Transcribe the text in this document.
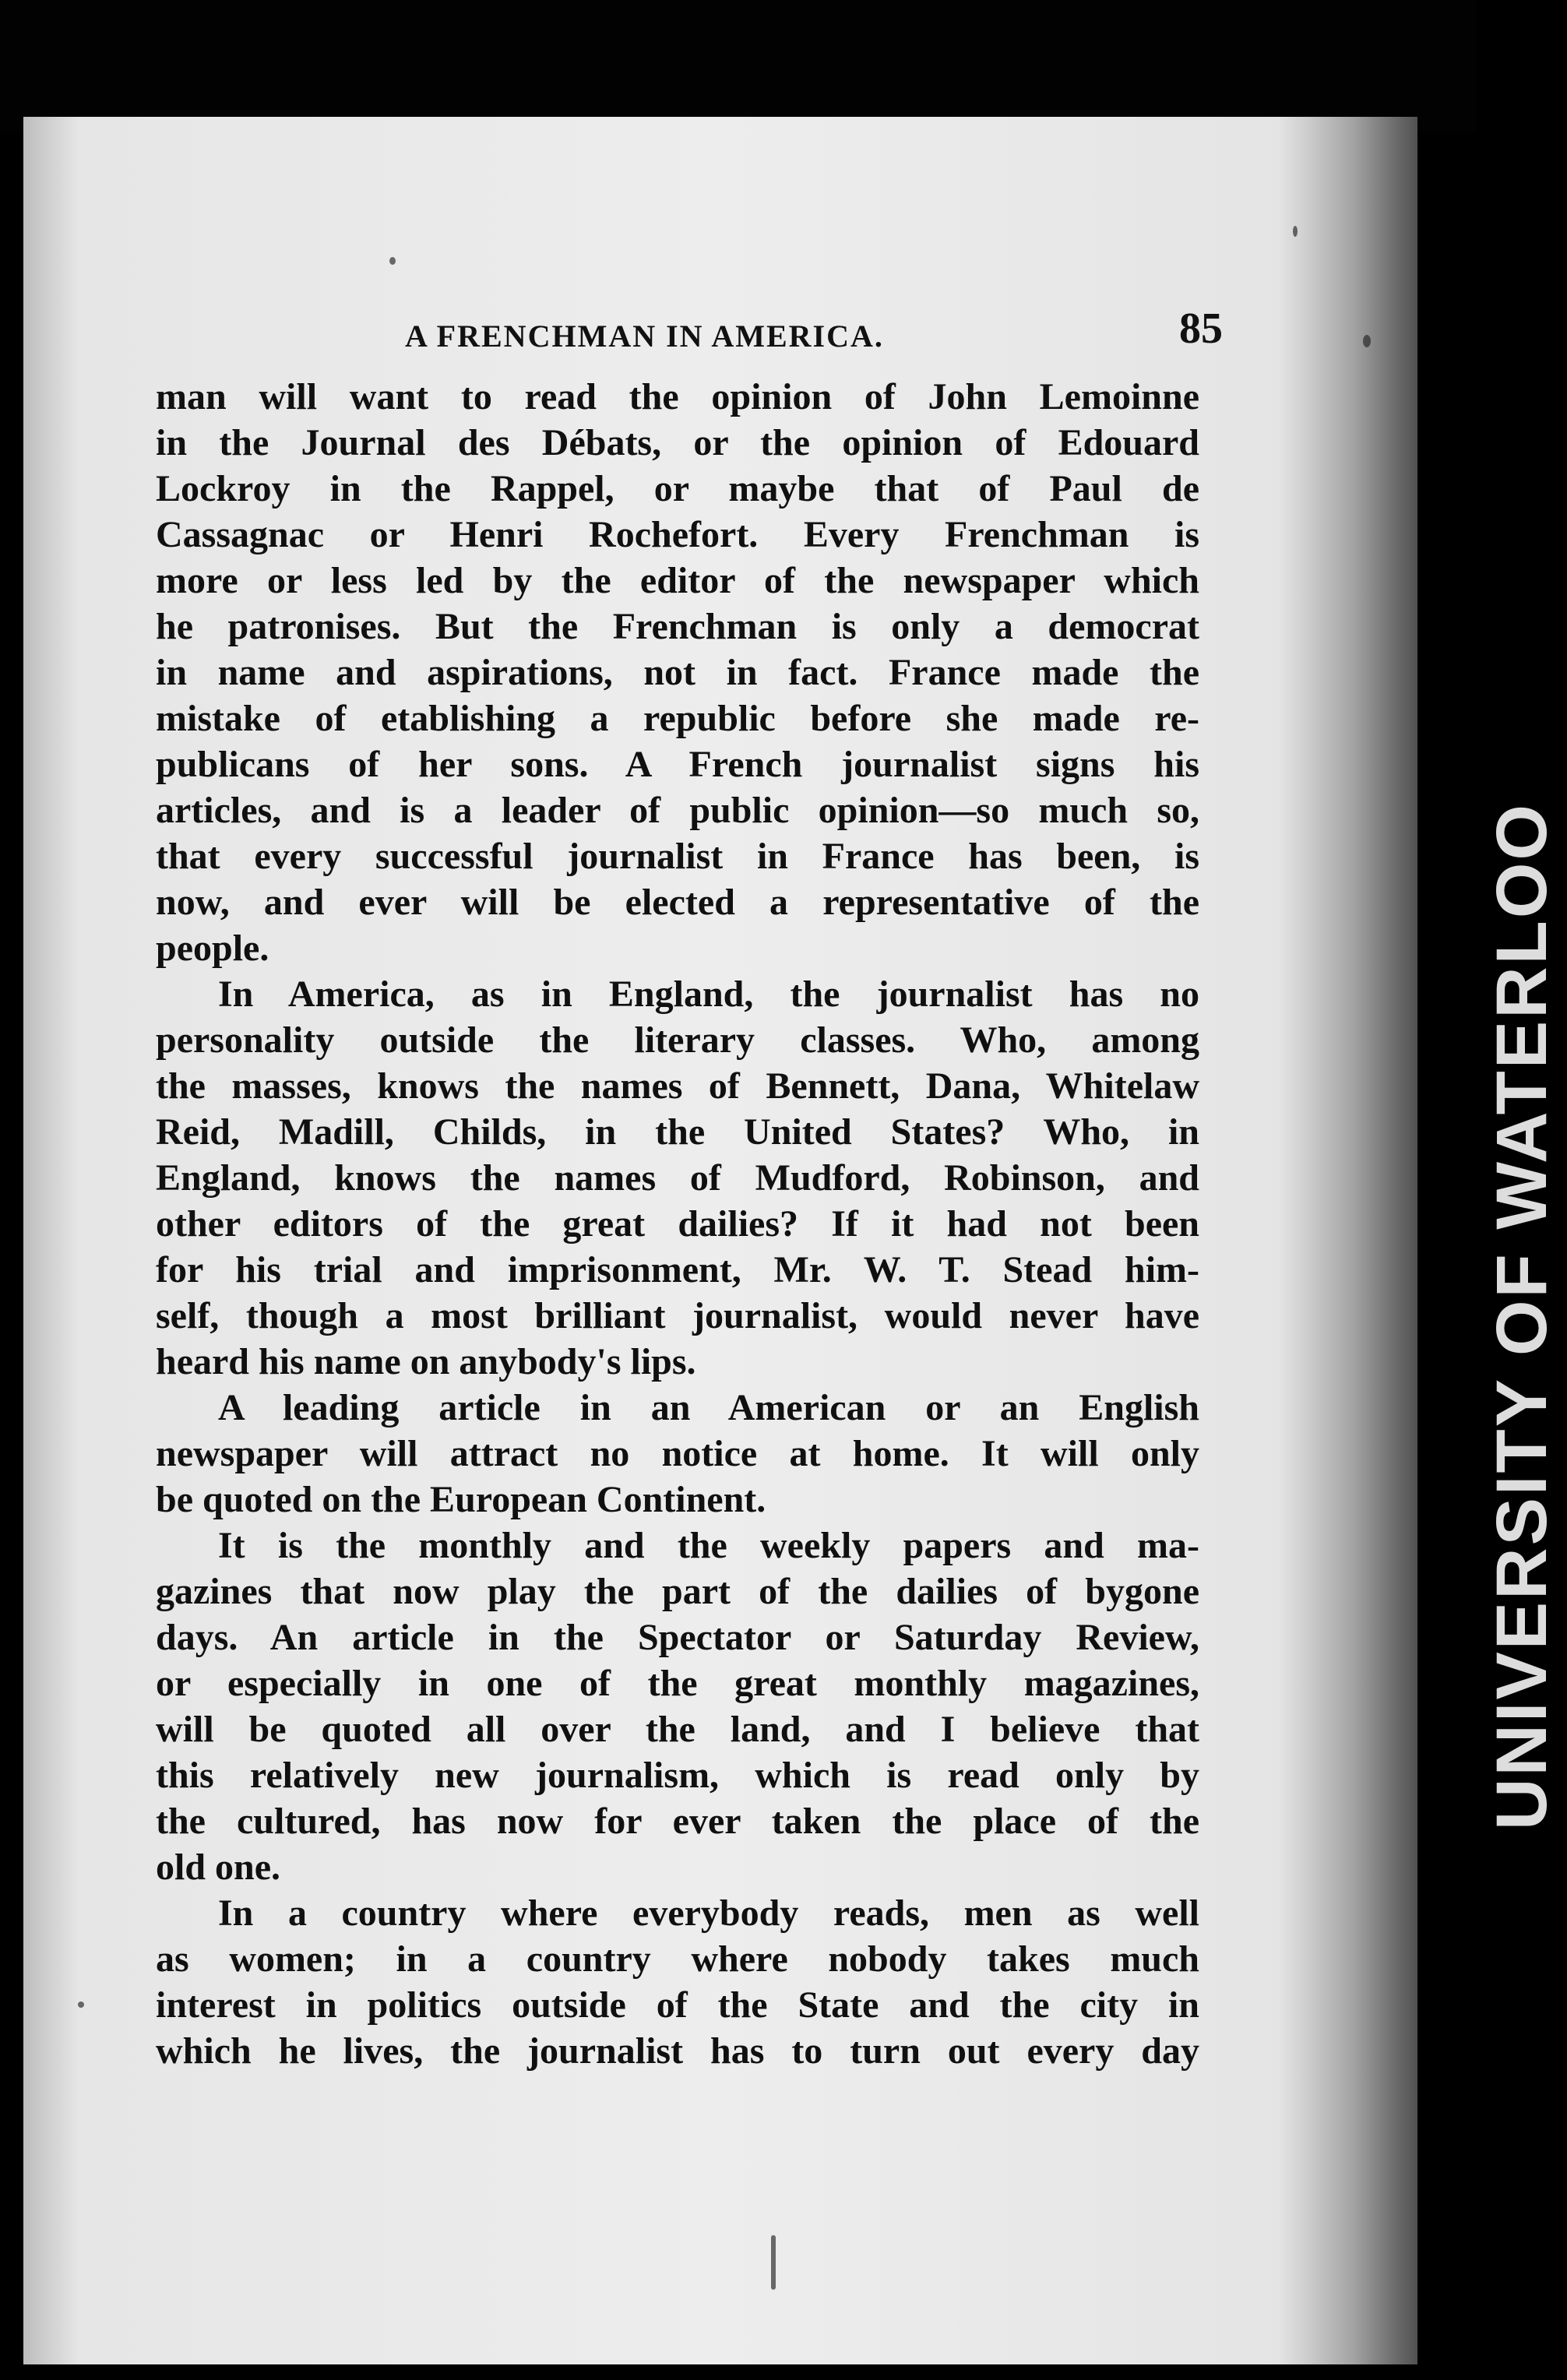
A FRENCHMAN IN AMERICA.	85
man will want to read the opinion of John Lemoinne
in the Journal des Débats, or the opinion of Edouard
Lockroy in the Rappel, or maybe that of Paul de
Cassagnac or Henri Rochefort. Every Frenchman is
more or less led by the editor of the newspaper which
he patronises. But the Frenchman is only a democrat
in name and aspirations, not in fact. France made the
mistake of etablishing a republic before she made re-
publicans of her sons. A French journalist signs his
articles, and is a leader of public opinion—so much so,
that every successful journalist in France has been, is
now, and ever will be elected a representative of the
people.
In America, as in England, the journalist has no
personality outside the literary classes. Who, among
the masses, knows the names of Bennett, Dana, Whitelaw
Reid, Madill, Childs, in the United States? Who, in
England, knows the names of Mudford, Robinson, and
other editors of the great dailies? If it had not been
for his trial and imprisonment, Mr. W. T. Stead him-
self, though a most brilliant journalist, would never have
heard his name on anybody's lips.
A leading article in an American or an English
newspaper will attract no notice at home. It will only
be quoted on the European Continent.
It is the monthly and the weekly papers and ma-
gazines that now play the part of the dailies of bygone
days. An article in the Spectator or Saturday Review,
or especially in one of the great monthly magazines,
will be quoted all over the land, and I believe that
this relatively new journalism, which is read only by
the cultured, has now for ever taken the place of the
old one.
In a country where everybody reads, men as well
as women; in a country where nobody takes much
interest in politics outside of the State and the city in
which he lives, the journalist has to turn out every day
UNIVERSITY OF WATERLOO
